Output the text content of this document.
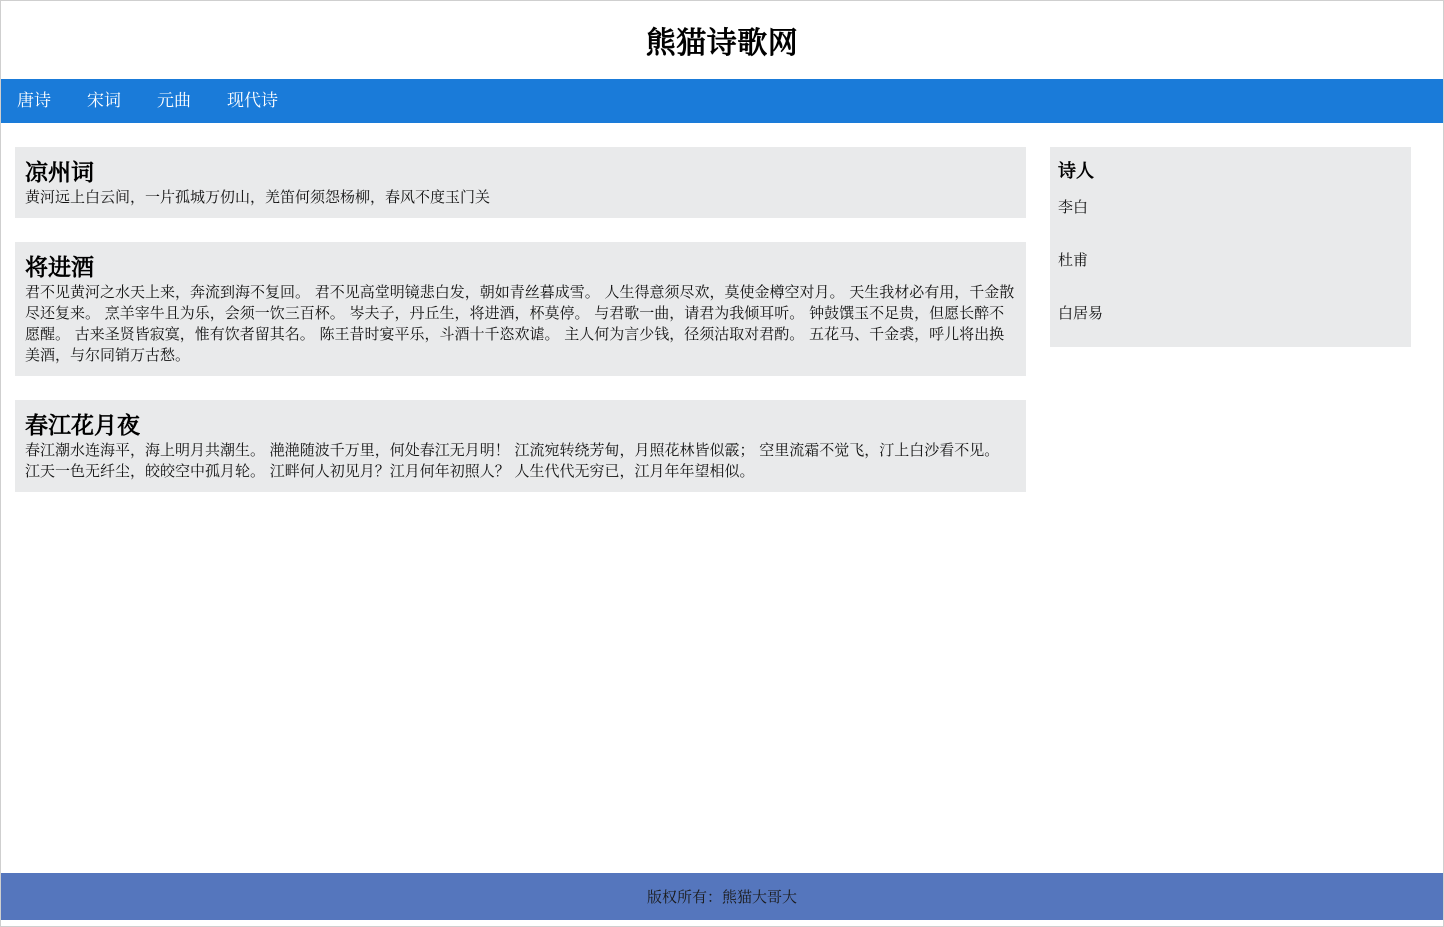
熊猫诗歌网
唐诗 宋词 元曲 现代诗
凉州词

黄河远上白云间，一片孤城万仞山，羌笛何须怨杨柳，春风不度玉门关

将进酒

君不见黄河之水天上来，奔流到海不复回。 君不见高堂明镜悲白发，朝如青丝暮成雪。 人生得意须尽欢，莫使金樽空对月。 天生我材必有用，千金散尽还复来。 烹羊宰牛且为乐，会须一饮三百杯。 岑夫子，丹丘生，将进酒，杯莫停。 与君歌一曲，请君为我倾耳听。 钟鼓馔玉不足贵，但愿长醉不愿醒。 古来圣贤皆寂寞，惟有饮者留其名。 陈王昔时宴平乐，斗酒十千恣欢谑。 主人何为言少钱，径须沽取对君酌。 五花马、千金裘，呼儿将出换美酒，与尔同销万古愁。

春江花月夜

春江潮水连海平，海上明月共潮生。 滟滟随波千万里，何处春江无月明！ 江流宛转绕芳甸，月照花林皆似霰； 空里流霜不觉飞，汀上白沙看不见。 江天一色无纤尘，皎皎空中孤月轮。 江畔何人初见月？江月何年初照人？ 人生代代无穷已，江月年年望相似。

诗人
李白
杜甫
白居易
版权所有：熊猫大哥大
